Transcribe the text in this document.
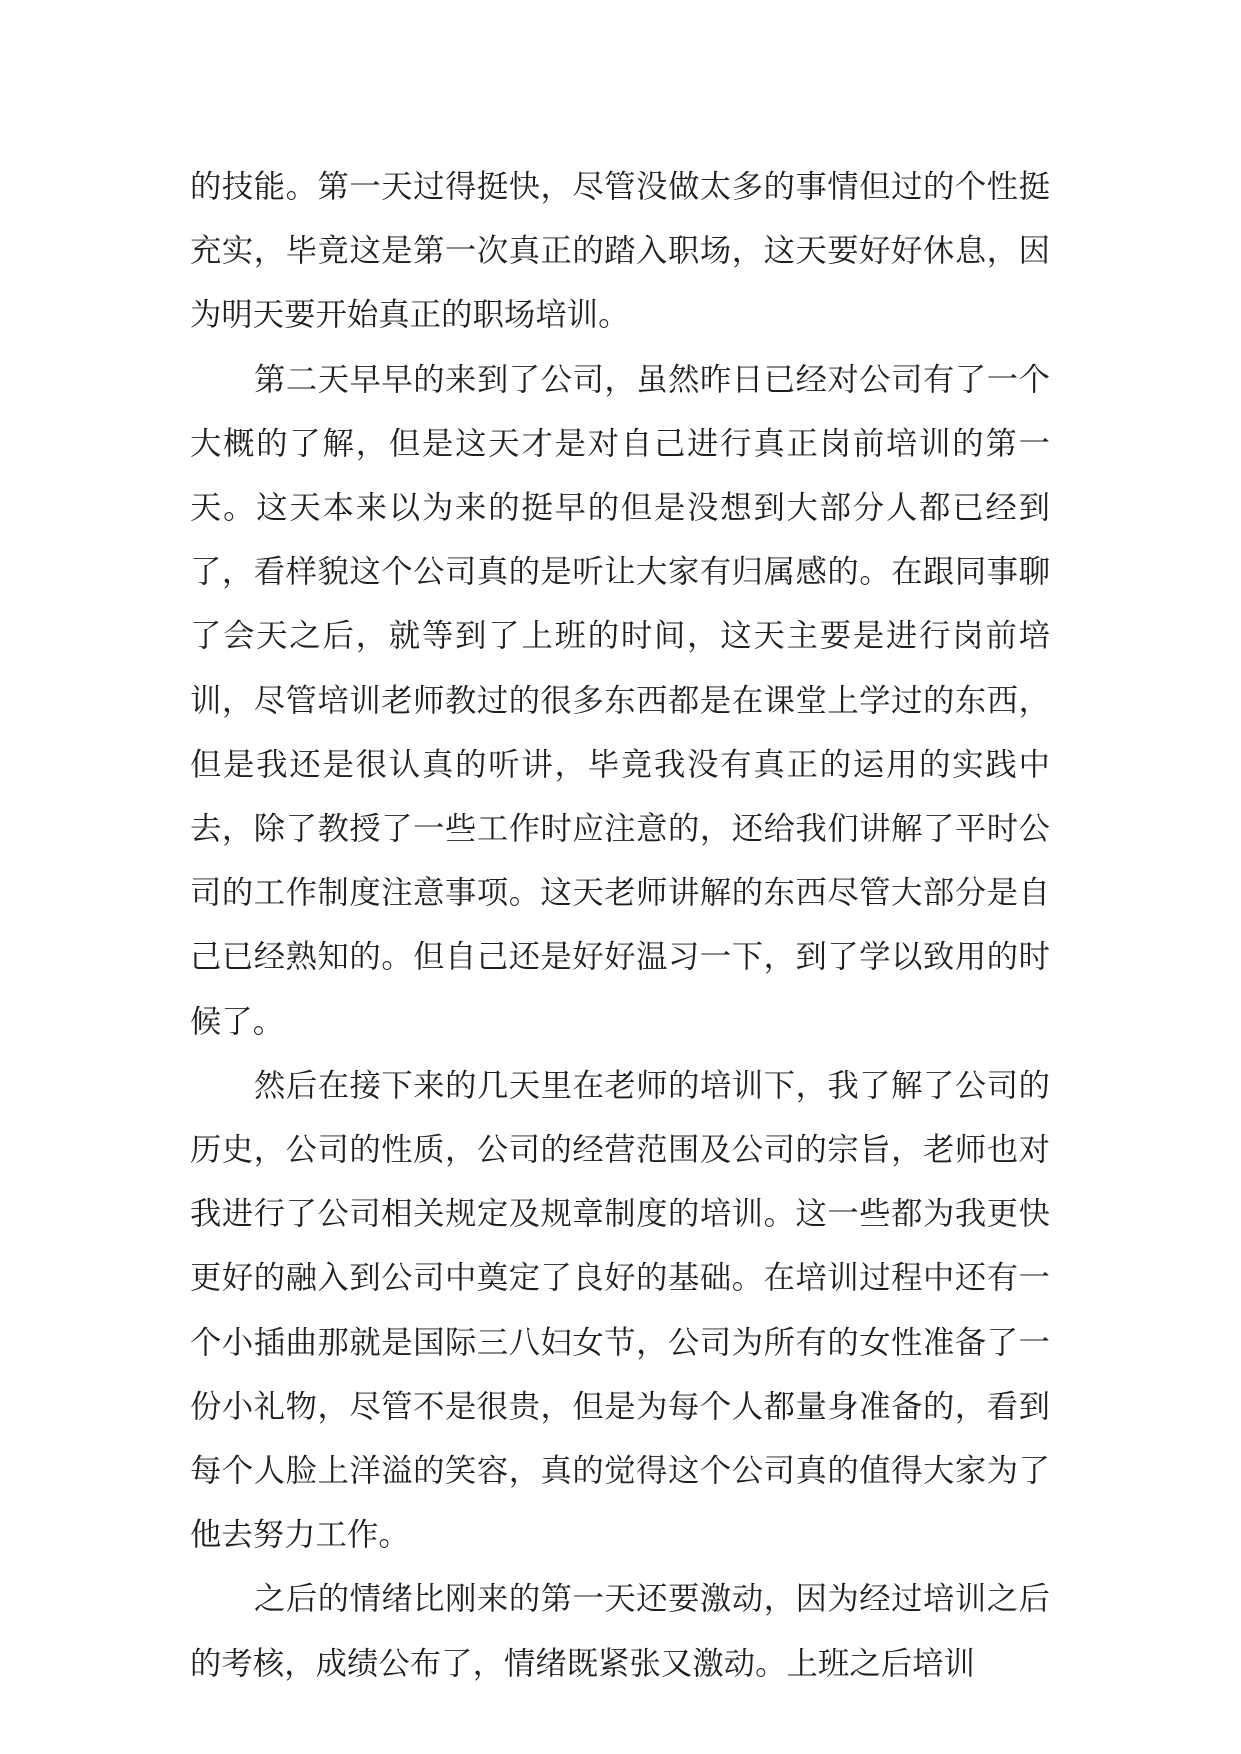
的技能。第一天过得挺快，尽管没做太多的事情但过的个性挺充实，毕竟这是第一次真正的踏入职场，这天要好好休息，因为明天要开始真正的职场培训。

第二天早早的来到了公司，虽然昨日已经对公司有了一个大概的了解，但是这天才是对自己进行真正岗前培训的第一天。这天本来以为来的挺早的但是没想到大部分人都已经到了，看样貌这个公司真的是听让大家有归属感的。在跟同事聊了会天之后，就等到了上班的时间，这天主要是进行岗前培训，尽管培训老师教过的很多东西都是在课堂上学过的东西，但是我还是很认真的听讲，毕竟我没有真正的运用的实践中去，除了教授了一些工作时应注意的，还给我们讲解了平时公司的工作制度注意事项。这天老师讲解的东西尽管大部分是自己已经熟知的。但自己还是好好温习一下，到了学以致用的时候了。

然后在接下来的几天里在老师的培训下，我了解了公司的历史，公司的性质，公司的经营范围及公司的宗旨，老师也对我进行了公司相关规定及规章制度的培训。这一些都为我更快更好的融入到公司中奠定了良好的基础。在培训过程中还有一个小插曲那就是国际三八妇女节，公司为所有的女性准备了一份小礼物，尽管不是很贵，但是为每个人都量身准备的，看到每个人脸上洋溢的笑容，真的觉得这个公司真的值得大家为了他去努力工作。

之后的情绪比刚来的第一天还要激动，因为经过培训之后的考核，成绩公布了，情绪既紧张又激动。上班之后培训
